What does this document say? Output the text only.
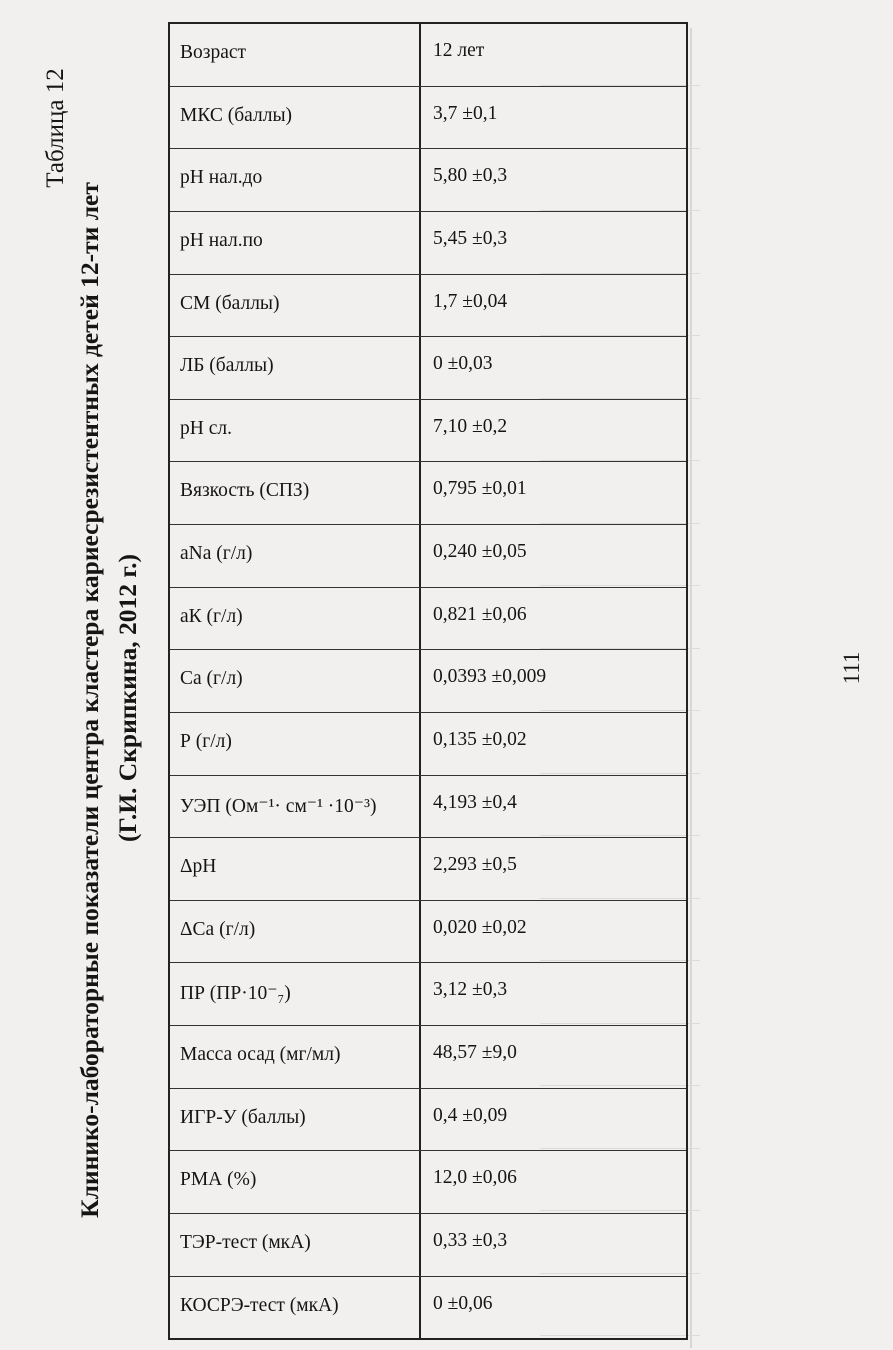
Таблица 12
Клинико-лабораторные показатели центра кластера кариесрезистентных детей 12-ти лет (Г.И. Скрипкина, 2012 г.)	111
Возраст	12 лет
МКС (баллы)	3,7 ±0,1
рН нал.до	5,80 ±0,3
рН нал.по	5,45 ±0,3
СМ (баллы)	1,7 ±0,04
ЛБ (баллы)	0 ±0,03
рН сл.	7,10 ±0,2
Вязкость (СПЗ)	0,795 ±0,01
аNa (г/л)	0,240 ±0,05
аК (г/л)	0,821 ±0,06
Са (г/л)	0,0393 ±0,009
Р (г/л)	0,135 ±0,02
УЭП (Ом⁻¹· см⁻¹ ·10⁻³)	4,193 ±0,4
ΔpH	2,293 ±0,5
ΔCa (г/л)	0,020 ±0,02
ПР (ПР·10⁻₇)	3,12 ±0,3
Масса осад (мг/мл)	48,57 ±9,0
ИГР-У (баллы)	0,4 ±0,09
РМА (%)	12,0 ±0,06
ТЭР-тест (мкА)	0,33 ±0,3
КОСРЭ-тест (мкА)	0 ±0,06
